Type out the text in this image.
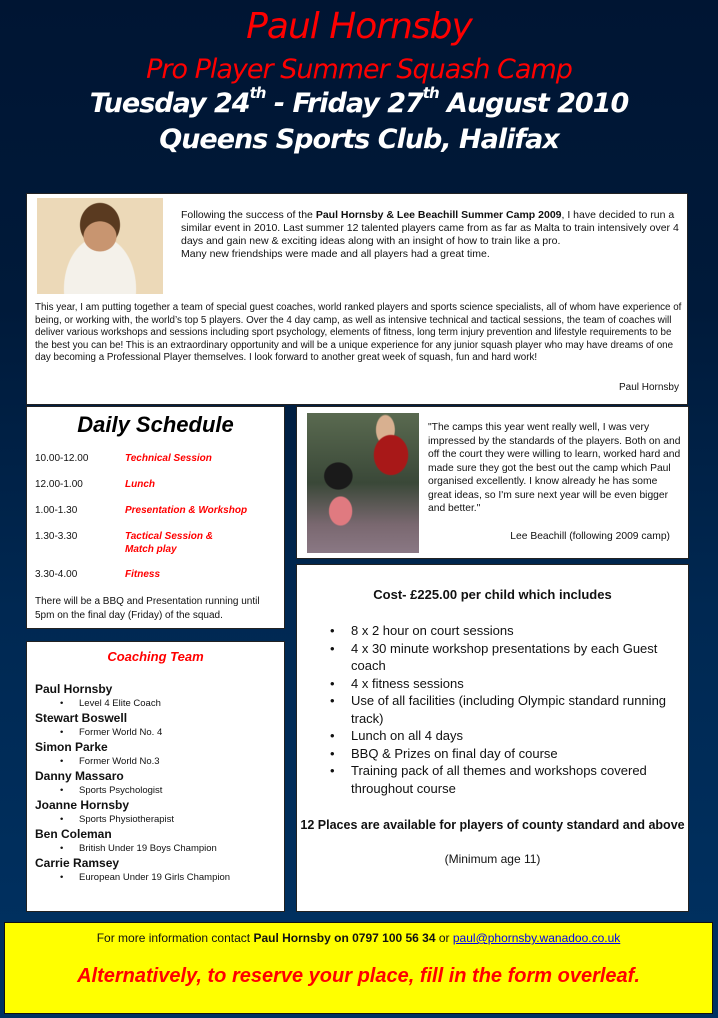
Paul Hornsby
Pro Player Summer Squash Camp
Tuesday 24th - Friday 27th August 2010
Queens Sports Club, Halifax
Following the success of the Paul Hornsby & Lee Beachill Summer Camp 2009, I have decided to run a similar event in 2010. Last summer 12 talented players came from as far as Malta to train intensively over 4 days and gain new & exciting ideas along with an insight of how to train like a pro.
Many new friendships were made and all players had a great time.
This year, I am putting together a team of special guest coaches, world ranked players and sports science specialists, all of whom have experience of being, or working with, the world’s top 5 players. Over the 4 day camp, as well as intensive technical and tactical sessions, the team of coaches will deliver various workshops and sessions including sport psychology, elements of fitness, long term injury prevention and lifestyle requirements to be the best you can be! This is an extraordinary opportunity and will be a unique experience for any junior squash player who may have dreams of one day becoming a Professional Player themselves. I look forward to another great week of squash, fun and hard work!
Paul Hornsby
Daily Schedule
10.00-12.00	Technical Session
12.00-1.00	Lunch
1.00-1.30	Presentation & Workshop
1.30-3.30	Tactical Session & Match play
3.30-4.00	Fitness
There will be a BBQ and Presentation running until 5pm on the final day (Friday) of the squad.
"The camps this year went really well, I was very impressed by the standards of the players. Both on and off the court they were willing to learn, worked hard and made sure they got the best out the camp which Paul organised excellently. I know already he has some great ideas, so I'm sure next year will be even bigger and better."
Lee Beachill (following 2009 camp)
Coaching Team
Paul Hornsby
• Level 4 Elite Coach
Stewart Boswell
• Former World No. 4
Simon Parke
• Former World No.3
Danny Massaro
• Sports Psychologist
Joanne Hornsby
• Sports Physiotherapist
Ben Coleman
• British Under 19 Boys Champion
Carrie Ramsey
• European Under 19 Girls Champion
Cost- £225.00 per child which includes
• 8 x 2 hour on court sessions
• 4 x 30 minute workshop presentations by each Guest coach
• 4 x fitness sessions
• Use of all facilities (including Olympic standard running track)
• Lunch on all 4 days
• BBQ & Prizes on final day of course
• Training pack of all themes and workshops covered throughout course
12 Places are available for players of county standard and above
(Minimum age 11)
For more information contact Paul Hornsby on 0797 100 56 34 or paul@phornsby.wanadoo.co.uk
Alternatively, to reserve your place, fill in the form overleaf.
